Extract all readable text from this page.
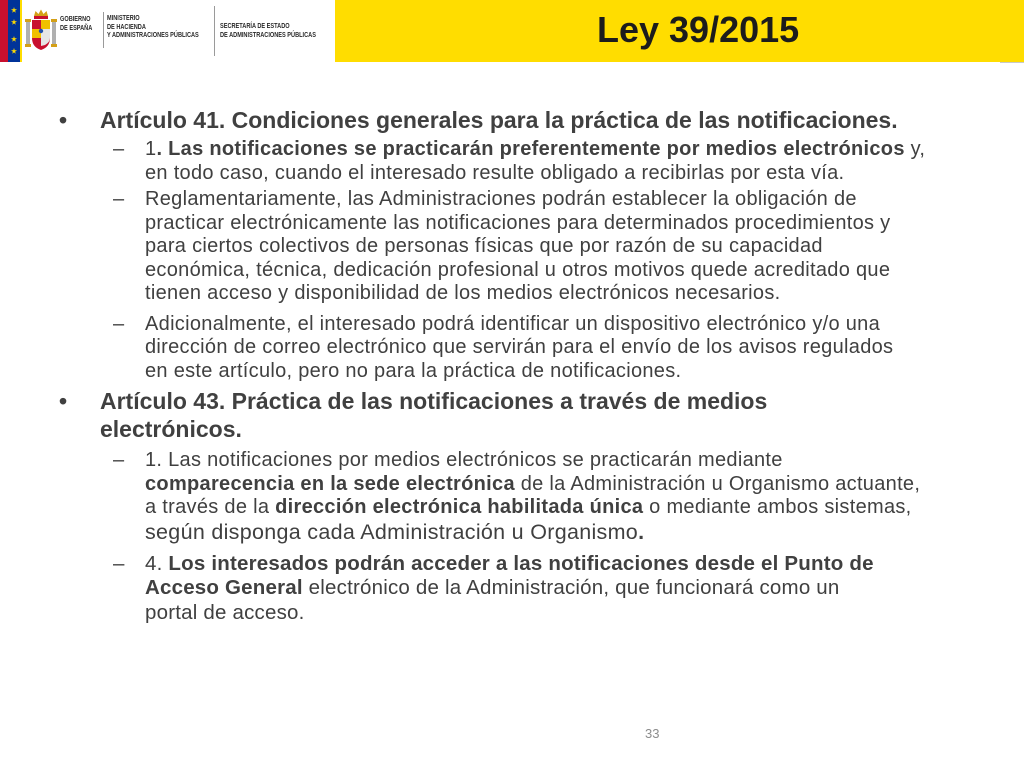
GOBIERNO
DE ESPAÑA
MINISTERIO
DE HACIENDA
Y ADMINISTRACIONES PÚBLICAS
SECRETARÍA DE ESTADO
DE ADMINISTRACIONES PÚBLICAS	Ley 39/2015
• Artículo 41. Condiciones generales para la práctica de las notificaciones.
– 1. Las notificaciones se practicarán preferentemente por medios electrónicos y,
en todo caso, cuando el interesado resulte obligado a recibirlas por esta vía.
– Reglamentariamente, las Administraciones podrán establecer la obligación de
practicar electrónicamente las notificaciones para determinados procedimientos y
para ciertos colectivos de personas físicas que por razón de su capacidad
económica, técnica, dedicación profesional u otros motivos quede acreditado que
tienen acceso y disponibilidad de los medios electrónicos necesarios.
– Adicionalmente, el interesado podrá identificar un dispositivo electrónico y/o una
dirección de correo electrónico que servirán para el envío de los avisos regulados
en este artículo, pero no para la práctica de notificaciones.
• Artículo 43. Práctica de las notificaciones a través de medios
electrónicos.
– 1. Las notificaciones por medios electrónicos se practicarán mediante
comparecencia en la sede electrónica de la Administración u Organismo actuante,
a través de la dirección electrónica habilitada única o mediante ambos sistemas,
según disponga cada Administración u Organismo.
– 4. Los interesados podrán acceder a las notificaciones desde el Punto de
Acceso General electrónico de la Administración, que funcionará como un
portal de acceso.
33
